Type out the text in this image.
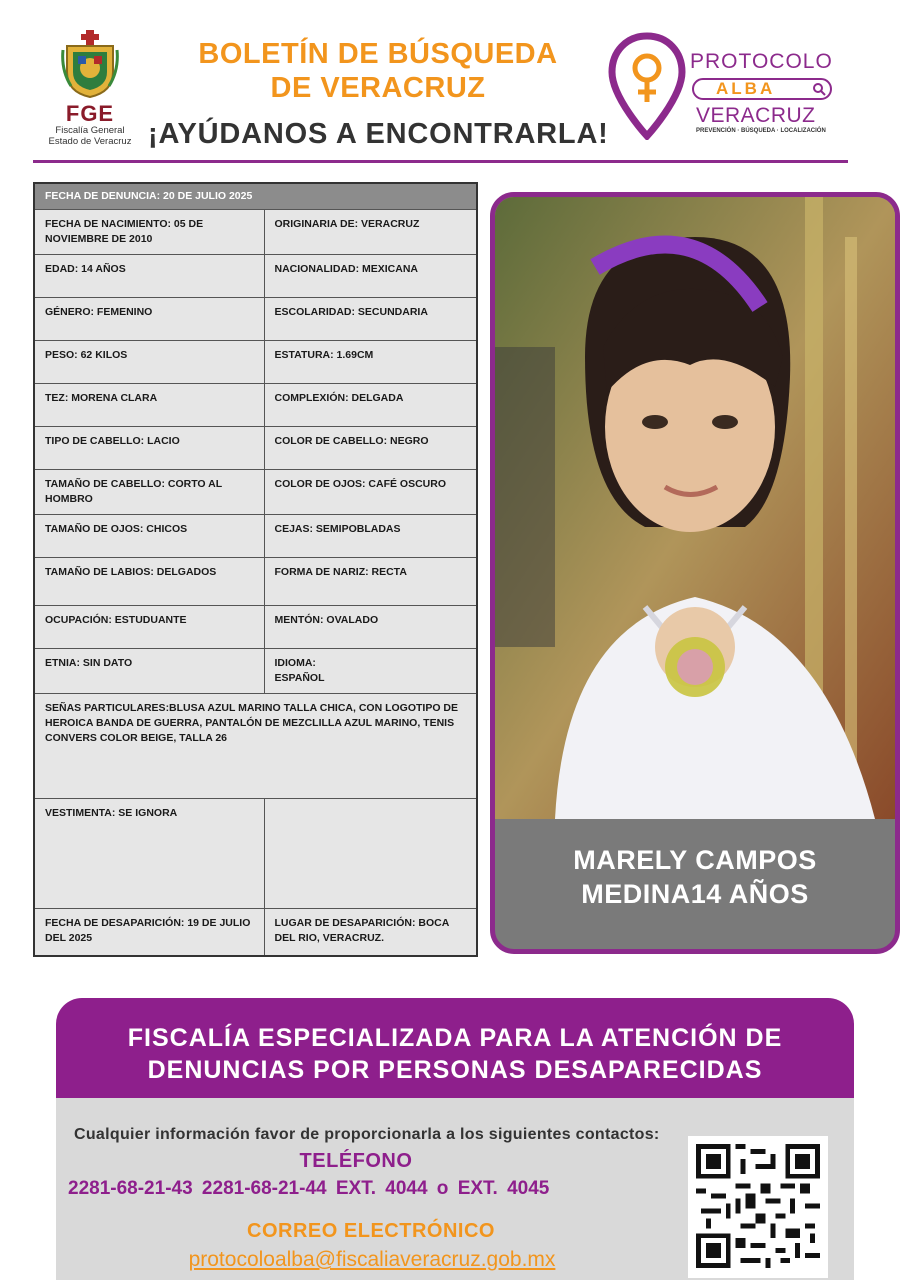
FGE
Fiscalía General
Estado de Veracruz
BOLETÍN DE BÚSQUEDA
DE VERACRUZ
¡AYÚDANOS A ENCONTRARLA!
PROTOCOLO
ALBA
VERACRUZ
PREVENCIÓN · BÚSQUEDA · LOCALIZACIÓN
FECHA DE DENUNCIA: 20 DE JULIO 2025	
FECHA DE NACIMIENTO: 05 DE NOVIEMBRE DE 2010	ORIGINARIA DE: VERACRUZ
EDAD: 14 AÑOS	NACIONALIDAD: MEXICANA
GÉNERO: FEMENINO	ESCOLARIDAD: SECUNDARIA
PESO: 62 KILOS	ESTATURA: 1.69CM
TEZ: MORENA CLARA	COMPLEXIÓN: DELGADA
TIPO DE CABELLO: LACIO	COLOR DE CABELLO: NEGRO
TAMAÑO DE CABELLO: CORTO AL HOMBRO	COLOR DE OJOS: CAFÉ OSCURO
TAMAÑO DE OJOS: CHICOS	CEJAS: SEMIPOBLADAS
TAMAÑO DE LABIOS: DELGADOS	FORMA DE NARIZ: RECTA
OCUPACIÓN: ESTUDUANTE	MENTÓN: OVALADO
ETNIA: SIN DATO	IDIOMA:
ESPAÑOL
SEÑAS PARTICULARES:BLUSA AZUL MARINO TALLA CHICA, CON LOGOTIPO DE HEROICA BANDA DE GUERRA, PANTALÓN DE MEZCLILLA AZUL MARINO, TENIS CONVERS COLOR BEIGE, TALLA 26	
VESTIMENTA: SE IGNORA	
FECHA DE DESAPARICIÓN: 19 DE JULIO DEL 2025	LUGAR DE DESAPARICIÓN: BOCA DEL RIO, VERACRUZ.
MARELY CAMPOS
MEDINA14 AÑOS
FISCALÍA ESPECIALIZADA PARA LA ATENCIÓN DE
DENUNCIAS POR PERSONAS DESAPARECIDAS
Cualquier información favor de proporcionarla a los siguientes contactos:
TELÉFONO
2281-68-21-43 2281-68-21-44 EXT. 4044 o EXT. 4045
CORREO ELECTRÓNICO
protocoloalba@fiscaliaveracruz.gob.mx
